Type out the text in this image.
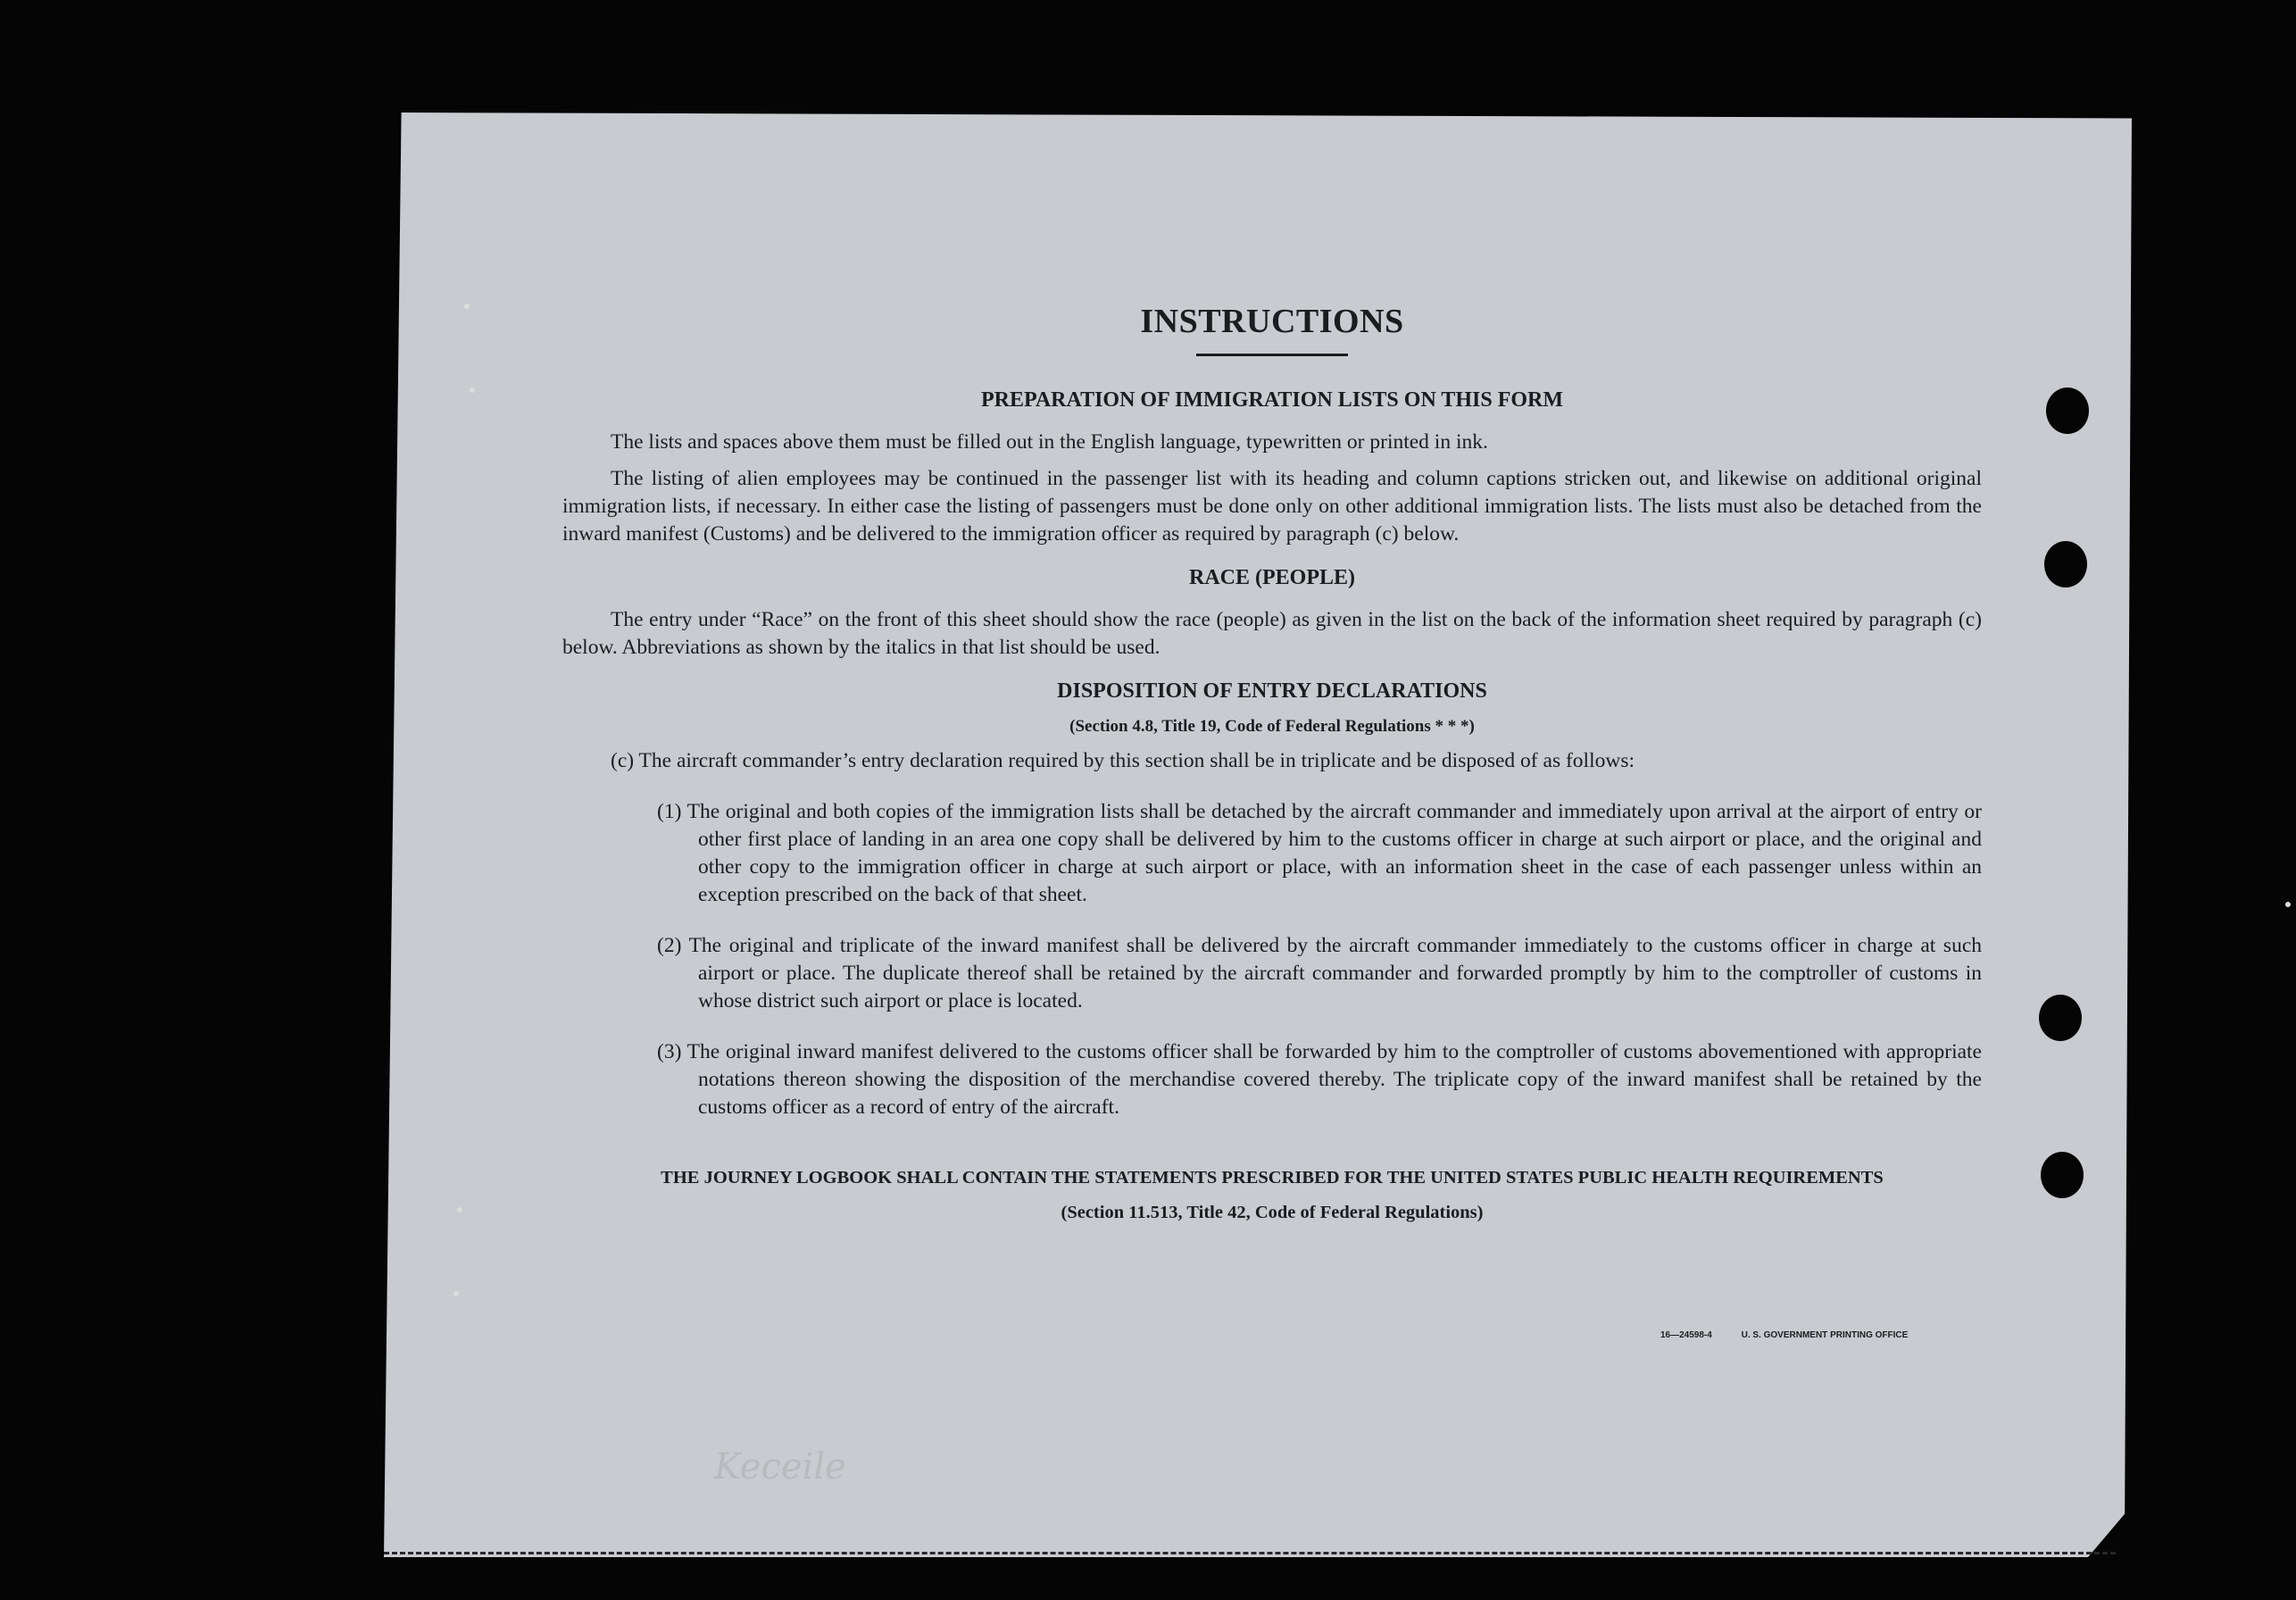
INSTRUCTIONS
PREPARATION OF IMMIGRATION LISTS ON THIS FORM

The lists and spaces above them must be filled out in the English language, typewritten or printed in ink.

The listing of alien employees may be continued in the passenger list with its heading and column captions stricken out, and likewise on additional original immigration lists, if necessary. In either case the listing of passengers must be done only on other additional immigration lists. The lists must also be detached from the inward manifest (Customs) and be delivered to the immigration officer as required by paragraph (c) below.

RACE (PEOPLE)

The entry under “Race” on the front of this sheet should show the race (people) as given in the list on the back of the information sheet required by paragraph (c) below. Abbreviations as shown by the italics in that list should be used.

DISPOSITION OF ENTRY DECLARATIONS

(Section 4.8, Title 19, Code of Federal Regulations * * *)

(c) The aircraft commander’s entry declaration required by this section shall be in triplicate and be disposed of as follows:

(1) The original and both copies of the immigration lists shall be detached by the aircraft commander and immediately upon arrival at the airport of entry or other first place of landing in an area one copy shall be delivered by him to the customs officer in charge at such airport or place, and the original and other copy to the immigration officer in charge at such airport or place, with an information sheet in the case of each passenger unless within an exception prescribed on the back of that sheet.

(2) The original and triplicate of the inward manifest shall be delivered by the aircraft commander immediately to the customs officer in charge at such airport or place. The duplicate thereof shall be retained by the aircraft commander and forwarded promptly by him to the comptroller of customs in whose district such airport or place is located.

(3) The original inward manifest delivered to the customs officer shall be forwarded by him to the comptroller of customs abovementioned with appropriate notations thereon showing the disposition of the merchandise covered thereby. The triplicate copy of the inward manifest shall be retained by the customs officer as a record of entry of the aircraft.

THE JOURNEY LOGBOOK SHALL CONTAIN THE STATEMENTS PRESCRIBED FOR THE UNITED STATES PUBLIC HEALTH REQUIREMENTS

(Section 11.513, Title 42, Code of Federal Regulations)

16—24598‑4	U. S. GOVERNMENT PRINTING OFFICE
Keceile
